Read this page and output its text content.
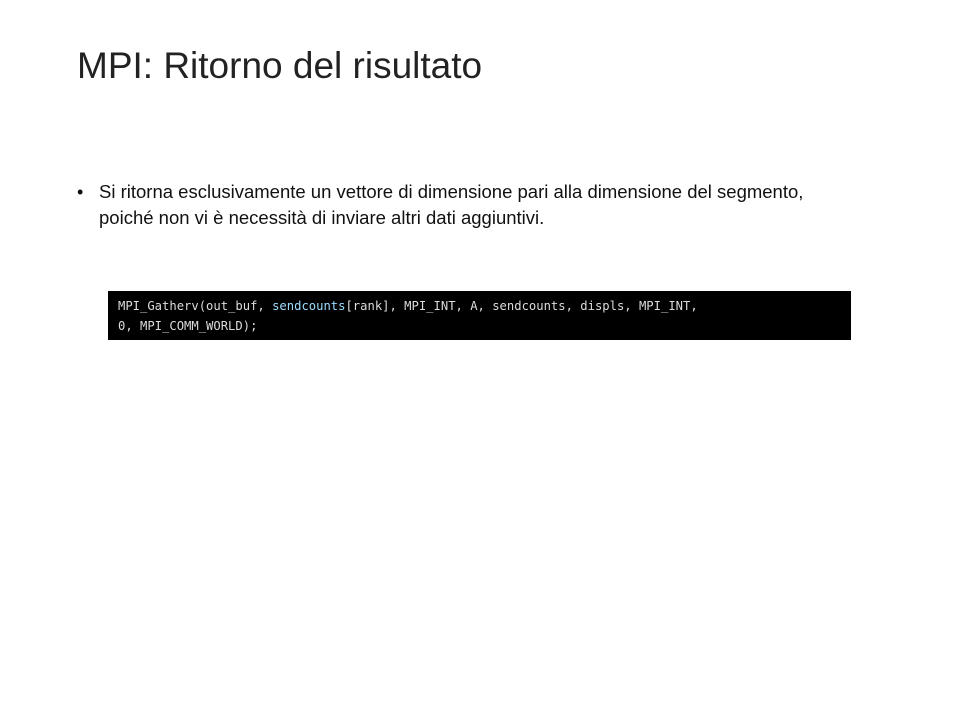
MPI: Ritorno del risultato
• Si ritorna esclusivamente un vettore di dimensione pari alla dimensione del segmento, poiché non vi è necessità di inviare altri dati aggiuntivi.
MPI_Gatherv(out_buf, sendcounts[rank], MPI_INT, A, sendcounts, displs, MPI_INT,
0, MPI_COMM_WORLD);
